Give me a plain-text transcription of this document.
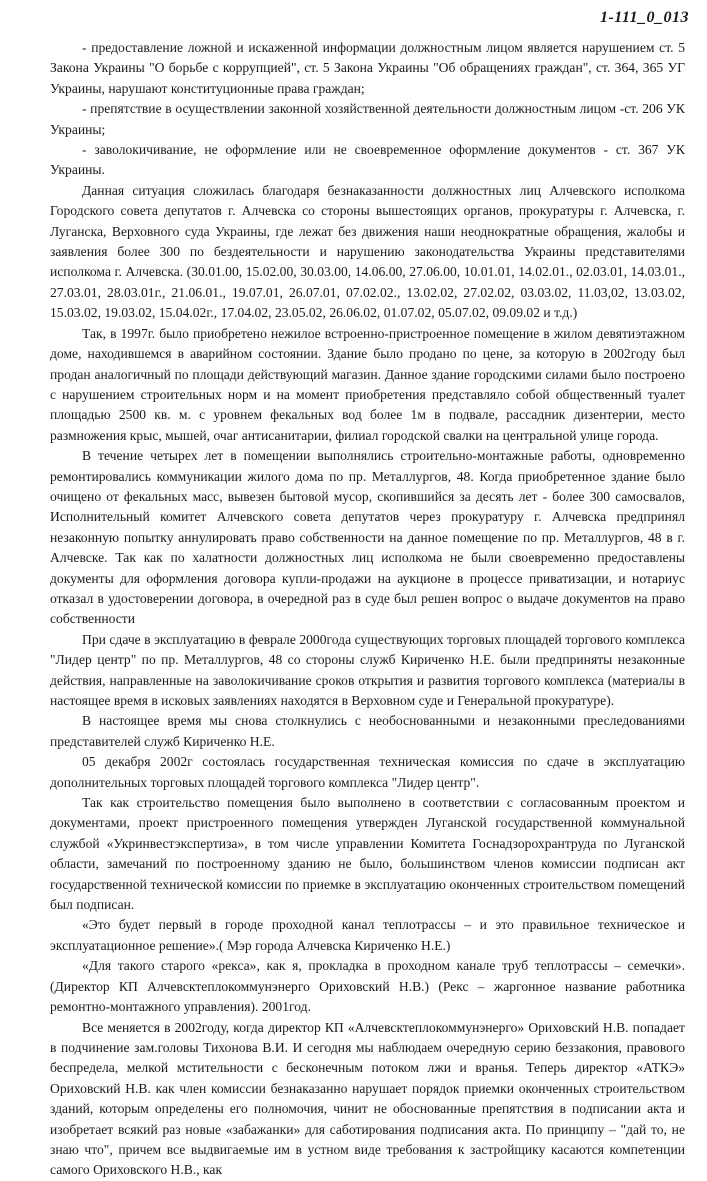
1-111_0_013

- предоставление ложной и искаженной информации должностным лицом является нарушением ст. 5 Закона Украины "О борьбе с коррупцией", ст. 5 Закона Украины "Об обращениях граждан", ст. 364, 365 УГ Украины, нарушают конституционные права граждан;

- препятствие в осуществлении законной хозяйственной деятельности должностным лицом -ст. 206 УК Украины;

- заволокичивание, не оформление или не своевременное оформление документов - ст. 367 УК Украины.

Данная ситуация сложилась благодаря безнаказанности должностных лиц Алчевского исполкома Городского совета депутатов г. Алчевска со стороны вышестоящих органов, прокуратуры г. Алчевска, г. Луганска, Верховного суда Украины, где лежат без движения наши неоднократные обращения, жалобы и заявления более 300 по бездеятельности и нарушению законодательства Украины представителями исполкома г. Алчевска. (30.01.00, 15.02.00, 30.03.00, 14.06.00, 27.06.00, 10.01.01, 14.02.01., 02.03.01, 14.03.01., 27.03.01, 28.03.01г., 21.06.01., 19.07.01, 26.07.01, 07.02.02., 13.02.02, 27.02.02, 03.03.02, 11.03,02, 13.03.02, 15.03.02, 19.03.02, 15.04.02г., 17.04.02, 23.05.02, 26.06.02, 01.07.02, 05.07.02, 09.09.02 и т.д.)

Так, в 1997г. было приобретено нежилое встроенно-пристроенное помещение в жилом девятиэтажном доме, находившемся в аварийном состоянии. Здание было продано по цене, за которую в 2002году был продан аналогичный по площади действующий магазин. Данное здание городскими силами было построено с нарушением строительных норм и на момент приобретения представляло собой общественный туалет площадью 2500 кв. м. с уровнем фекальных вод более 1м в подвале, рассадник дизентерии, место размножения крыс, мышей, очаг антисанитарии, филиал городской свалки на центральной улице города.

В течение четырех лет в помещении выполнялись строительно-монтажные работы, одновременно ремонтировались коммуникации жилого дома по пр. Металлургов, 48. Когда приобретенное здание было очищено от фекальных масс, вывезен бытовой мусор, скопившийся за десять лет - более 300 самосвалов, Исполнительный комитет Алчевского совета депутатов через прокуратуру г. Алчевска предпринял незаконную попытку аннулировать право собственности на данное помещение по пр. Металлургов, 48 в г. Алчевске. Так как по халатности должностных лиц исполкома не были своевременно предоставлены документы для оформления договора купли-продажи на аукционе в процессе приватизации, и нотариус отказал в удостоверении договора, в очередной раз в суде был решен вопрос о выдаче документов на право собственности

При сдаче в эксплуатацию в феврале 2000года существующих торговых площадей торгового комплекса "Лидер центр" по пр. Металлургов, 48 со стороны служб Кириченко Н.Е. были предприняты незаконные действия, направленные на заволокичивание сроков открытия и развития торгового комплекса (материалы в настоящее время в исковых заявлениях находятся в Верховном суде и Генеральной прокуратуре).

В настоящее время мы снова столкнулись с необоснованными и незаконными преследованиями представителей служб Кириченко Н.Е.

05 декабря 2002г состоялась государственная техническая комиссия по сдаче в эксплуатацию дополнительных торговых площадей торгового комплекса "Лидер центр".

Так как строительство помещения было выполнено в соответствии с согласованным проектом и документами, проект пристроенного помещения утвержден Луганской государственной коммунальной службой «Укринвестэкспертиза», в том числе управлении Комитета Госнадзорохрантруда по Луганской области, замечаний по построенному зданию не было, большинством членов комиссии подписан акт государственной технической комиссии по приемке в эксплуатацию оконченных строительством помещений был подписан.

«Это будет первый в городе проходной канал теплотрассы – и это правильное техническое и эксплуатационное решение».( Мэр города Алчевска Кириченко Н.Е.)

«Для такого старого «рекса», как я, прокладка в проходном канале труб теплотрассы – семечки». (Директор КП Алчевсктеплокоммунэнерго Ориховский Н.В.) (Рекс – жаргонное название работника ремонтно-монтажного управления). 2001год.

Все меняется в 2002году, когда директор КП «Алчевсктеплокоммунэнерго» Ориховский Н.В. попадает в подчинение зам.головы Тихонова В.И. И сегодня мы наблюдаем очередную серию беззакония, правового беспредела, мелкой мстительности с бесконечным потоком лжи и вранья. Теперь директор «АТКЭ» Ориховский Н.В. как член комиссии безнаказанно нарушает порядок приемки оконченных строительством зданий, которым определены его полномочия, чинит не обоснованные препятствия в подписании акта и изобретает всякий раз новые «забажанки» для саботирования подписания акта. По принципу – "дай то, не знаю что", причем все выдвигаемые им в устном виде требования к застройщику касаются компетенции самого Ориховского Н.В., как
